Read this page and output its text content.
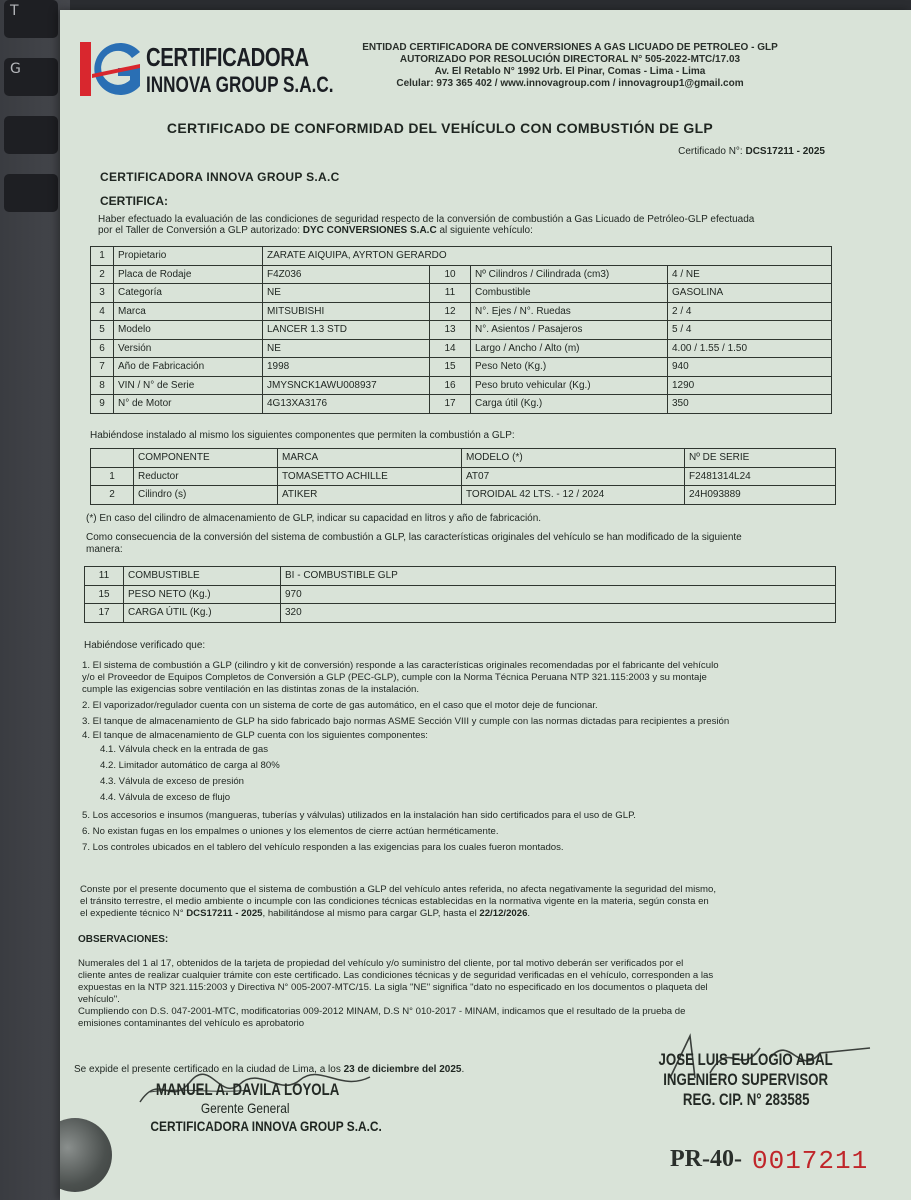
T
G	CERTIFICADORA
INNOVA GROUP S.A.C.
ENTIDAD CERTIFICADORA DE CONVERSIONES A GAS LICUADO DE PETROLEO - GLP
AUTORIZADO POR RESOLUCIÓN DIRECTORAL N° 505-2022-MTC/17.03
Av. El Retablo N° 1992 Urb. El Pinar, Comas - Lima - Lima
Celular: 973 365 402 / www.innovagroup.com / innovagroup1@gmail.com
CERTIFICADO DE CONFORMIDAD DEL VEHÍCULO CON COMBUSTIÓN DE GLP
Certificado N°: DCS17211 - 2025
CERTIFICADORA INNOVA GROUP S.A.C
CERTIFICA:
Haber efectuado la evaluación de las condiciones de seguridad respecto de la conversión de combustión a Gas Licuado de Petróleo-GLP efectuada
por el Taller de Conversión a GLP autorizado: DYC CONVERSIONES S.A.C al siguiente vehículo:
1	Propietario	ZARATE AIQUIPA, AYRTON GERARDO			
2	Placa de Rodaje	F4Z036	10	Nº Cilindros / Cilindrada (cm3)	4 / NE
3	Categoría	NE	11	Combustible	GASOLINA
4	Marca	MITSUBISHI	12	N°. Ejes / N°. Ruedas	2 / 4
5	Modelo	LANCER 1.3 STD	13	N°. Asientos / Pasajeros	5 / 4
6	Versión	NE	14	Largo / Ancho / Alto (m)	4.00 / 1.55 / 1.50
7	Año de Fabricación	1998	15	Peso Neto (Kg.)	940
8	VIN / N° de Serie	JMYSNCK1AWU008937	16	Peso bruto vehicular (Kg.)	1290
9	N° de Motor	4G13XA3176	17	Carga útil (Kg.)	350
Habiéndose instalado al mismo los siguientes componentes que permiten la combustión a GLP:
	COMPONENTE	MARCA	MODELO (*)	Nº DE SERIE
1	Reductor	TOMASETTO ACHILLE	AT07	F2481314L24
2	Cilindro (s)	ATIKER	TOROIDAL 42 LTS. - 12 / 2024	24H093889
(*) En caso del cilindro de almacenamiento de GLP, indicar su capacidad en litros y año de fabricación.
Como consecuencia de la conversión del sistema de combustión a GLP, las características originales del vehículo se han modificado de la siguiente
manera:
11	COMBUSTIBLE	BI - COMBUSTIBLE GLP
15	PESO NETO (Kg.)	970
17	CARGA ÚTIL (Kg.)	320
Habiéndose verificado que:
1. El sistema de combustión a GLP (cilindro y kit de conversión) responde a las características originales recomendadas por el fabricante del vehículo
y/o el Proveedor de Equipos Completos de Conversión a GLP (PEC-GLP), cumple con la Norma Técnica Peruana NTP 321.115:2003 y su montaje
cumple las exigencias sobre ventilación en las distintas zonas de la instalación.
2. El vaporizador/regulador cuenta con un sistema de corte de gas automático, en el caso que el motor deje de funcionar.
3. El tanque de almacenamiento de GLP ha sido fabricado bajo normas ASME Sección VIII y cumple con las normas dictadas para recipientes a presión
4. El tanque de almacenamiento de GLP cuenta con los siguientes componentes:
4.1. Válvula check en la entrada de gas
4.2. Limitador automático de carga al 80%
4.3. Válvula de exceso de presión
4.4. Válvula de exceso de flujo
5. Los accesorios e insumos (mangueras, tuberías y válvulas) utilizados en la instalación han sido certificados para el uso de GLP.
6. No existan fugas en los empalmes o uniones y los elementos de cierre actúan herméticamente.
7. Los controles ubicados en el tablero del vehículo responden a las exigencias para los cuales fueron montados.
Conste por el presente documento que el sistema de combustión a GLP del vehículo antes referida, no afecta negativamente la seguridad del mismo,
el tránsito terrestre, el medio ambiente o incumple con las condiciones técnicas establecidas en la normativa vigente en la materia, según consta en
el expediente técnico N° DCS17211 - 2025, habilitándose al mismo para cargar GLP, hasta el 22/12/2026.
OBSERVACIONES:
Numerales del 1 al 17, obtenidos de la tarjeta de propiedad del vehículo y/o suministro del cliente, por tal motivo deberán ser verificados por el
cliente antes de realizar cualquier trámite con este certificado. Las condiciones técnicas y de seguridad verificadas en el vehículo, corresponden a las
expuestas en la NTP 321.115:2003 y Directiva N° 005-2007-MTC/15. La sigla "NE" significa "dato no especificado en los documentos o plaqueta del
vehículo".
Cumpliendo con D.S. 047-2001-MTC, modificatorias 009-2012 MINAM, D.S N° 010-2017 - MINAM, indicamos que el resultado de la prueba de
emisiones contaminantes del vehículo es aprobatorio
Se expide el presente certificado en la ciudad de Lima, a los 23 de diciembre del 2025.
MANUEL A. DAVILA LOYOLA
Gerente General
CERTIFICADORA INNOVA GROUP S.A.C.
JOSE LUIS EULOGIO ABAL
INGENIERO SUPERVISOR
REG. CIP. N° 283585
PR-40- 0017211
